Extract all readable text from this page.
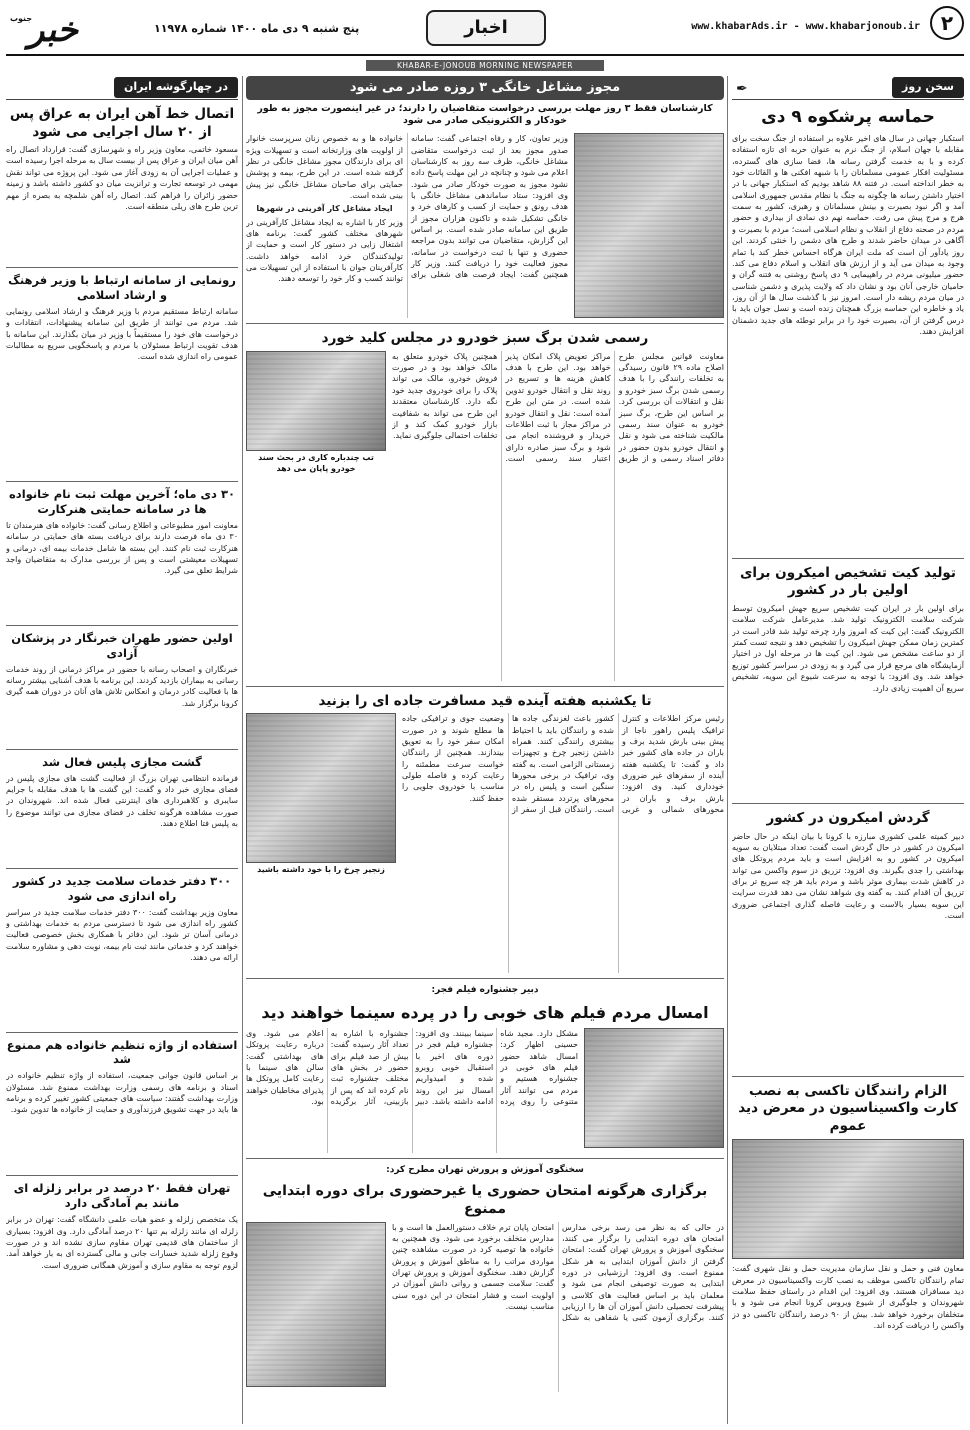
۲
www.khabarAds.ir - www.khabarjonoub.ir
اخبار
پنج شنبه ۹ دی ماه ۱۴۰۰ شماره ۱۱۹۷۸
خبر
جنوب
KHABAR-E-JONOUB MORNING NEWSPAPER
سخن روز
✒
حماسه پرشکوه ۹ دی
استکبار جهانی در سال های اخیر علاوه بر استفاده از جنگ سخت برای مقابله با جهان اسلام، از جنگ نرم به عنوان حربه ای تازه استفاده کرده و با به خدمت گرفتن رسانه ها، فضا سازی های گسترده، مسئولیت افکار عمومی مسلمانان را با شبهه افکنی ها و القائات خود به خطر انداخته است. در فتنه ۸۸ شاهد بودیم که استکبار جهانی با در اختیار داشتن رسانه ها چگونه به جنگ با نظام مقدس جمهوری اسلامی آمد و اگر نبود بصیرت و بینش مسلمانان و رهبری، کشور به سمت هرج و مرج پیش می رفت. حماسه نهم دی نمادی از بیداری و حضور مردم در صحنه دفاع از انقلاب و نظام اسلامی است؛ مردم با بصیرت و آگاهی در میدان حاضر شدند و طرح های دشمن را خنثی کردند. این روز یادآور آن است که ملت ایران هرگاه احساس خطر کند با تمام وجود به میدان می آید و از ارزش های انقلاب و اسلام دفاع می کند. حضور میلیونی مردم در راهپیمایی ۹ دی پاسخ روشنی به فتنه گران و حامیان خارجی آنان بود و نشان داد که ولایت پذیری و دشمن شناسی در میان مردم ریشه دار است. امروز نیز با گذشت سال ها از آن روز، یاد و خاطره این حماسه بزرگ همچنان زنده است و نسل جوان باید با درس گرفتن از آن، بصیرت خود را در برابر توطئه های جدید دشمنان افزایش دهند.
تولید کیت تشخیص امیکرون برای اولین بار در کشور
برای اولین بار در ایران کیت تشخیص سریع جهش امیکرون توسط شرکت سلامت الکترونیک تولید شد. مدیرعامل شرکت سلامت الکترونیک گفت: این کیت که امروز وارد چرخه تولید شد قادر است در کمترین زمان ممکن جهش امیکرون را تشخیص دهد و نتیجه تست کمتر از دو ساعت مشخص می شود. این کیت ها در مرحله اول در اختیار آزمایشگاه های مرجع قرار می گیرد و به زودی در سراسر کشور توزیع خواهد شد. وی افزود: با توجه به سرعت شیوع این سویه، تشخیص سریع آن اهمیت زیادی دارد.
گردش امیکرون در کشور
دبیر کمیته علمی کشوری مبارزه با کرونا با بیان اینکه در حال حاضر امیکرون در کشور در حال گردش است گفت: تعداد مبتلایان به سویه امیکرون در کشور رو به افزایش است و باید مردم پروتکل های بهداشتی را جدی بگیرند. وی افزود: تزریق دز سوم واکسن می تواند در کاهش شدت بیماری موثر باشد و مردم باید هر چه سریع تر برای تزریق آن اقدام کنند. به گفته وی شواهد نشان می دهد قدرت سرایت این سویه بسیار بالاست و رعایت فاصله گذاری اجتماعی ضروری است.
الزام رانندگان تاکسی به نصب کارت واکسیناسیون در معرض دید عموم
معاون فنی و حمل و نقل سازمان مدیریت حمل و نقل شهری گفت: تمام رانندگان تاکسی موظف به نصب کارت واکسیناسیون در معرض دید مسافران هستند. وی افزود: این اقدام در راستای حفظ سلامت شهروندان و جلوگیری از شیوع ویروس کرونا انجام می شود و با متخلفان برخورد خواهد شد. بیش از ۹۰ درصد رانندگان تاکسی دو دز واکسن را دریافت کرده اند.
مجوز مشاغل خانگی ۳ روزه صادر می شود
کارشناسان فقط ۳ روز مهلت بررسی درخواست متقاضیان را دارند؛ در غیر اینصورت مجوز به طور خودکار و الکترونیکی صادر می شود

وزیر تعاون، کار و رفاه اجتماعی گفت: سامانه صدور مجوز بعد از ثبت درخواست متقاضی مشاغل خانگی، ظرف سه روز به کارشناسان اعلام می شود و چنانچه در این مهلت پاسخ داده نشود مجوز به صورت خودکار صادر می شود. وی افزود: ستاد ساماندهی مشاغل خانگی با هدف رونق و حمایت از کسب و کارهای خرد و خانگی تشکیل شده و تاکنون هزاران مجوز از طریق این سامانه صادر شده است. بر اساس این گزارش، متقاضیان می توانند بدون مراجعه حضوری و تنها با ثبت درخواست در سامانه، مجوز فعالیت خود را دریافت کنند. وزیر کار همچنین گفت: ایجاد فرصت های شغلی برای خانواده ها و به خصوص زنان سرپرست خانوار از اولویت های وزارتخانه است و تسهیلات ویژه ای برای دارندگان مجوز مشاغل خانگی در نظر گرفته شده است. در این طرح، بیمه و پوشش حمایتی برای صاحبان مشاغل خانگی نیز پیش بینی شده است.

ایجاد مشاغل کار آفرینی در شهرها

وزیر کار با اشاره به ایجاد مشاغل کارآفرینی در شهرهای مختلف کشور گفت: برنامه های اشتغال زایی در دستور کار است و حمایت از تولیدکنندگان خرد ادامه خواهد داشت. کارآفرینان جوان با استفاده از این تسهیلات می توانند کسب و کار خود را توسعه دهند.

رسمی شدن برگ سبز خودرو در مجلس کلید خورد
معاونت قوانین مجلس طرح اصلاح ماده ۲۹ قانون رسیدگی به تخلفات رانندگی را با هدف رسمی شدن برگ سبز خودرو و نقل و انتقالات آن بررسی کرد. بر اساس این طرح، برگ سبز خودرو به عنوان سند رسمی مالکیت شناخته می شود و نقل و انتقال خودرو بدون حضور در دفاتر اسناد رسمی و از طریق مراکز تعویض پلاک امکان پذیر خواهد بود. این طرح با هدف کاهش هزینه ها و تسریع در روند نقل و انتقال خودرو تدوین شده است. در متن این طرح آمده است: نقل و انتقال خودرو در مراکز مجاز با ثبت اطلاعات خریدار و فروشنده انجام می شود و برگ سبز صادره دارای اعتبار سند رسمی است. همچنین پلاک خودرو متعلق به مالک خواهد بود و در صورت فروش خودرو، مالک می تواند پلاک را برای خودروی جدید خود نگه دارد. کارشناسان معتقدند این طرح می تواند به شفافیت بازار خودرو کمک کند و از تخلفات احتمالی جلوگیری نماید.
تب چندباره کاری در بحث سند خودرو پایان می دهد
تا یکشنبه هفته آینده قید مسافرت جاده ای را بزنید
رئیس مرکز اطلاعات و کنترل ترافیک پلیس راهور ناجا از پیش بینی بارش شدید برف و باران در جاده های کشور خبر داد و گفت: تا یکشنبه هفته آینده از سفرهای غیر ضروری خودداری کنید. وی افزود: بارش برف و باران در محورهای شمالی و غربی کشور باعث لغزندگی جاده ها شده و رانندگان باید با احتیاط بیشتری رانندگی کنند. همراه داشتن زنجیر چرخ و تجهیزات زمستانی الزامی است. به گفته وی، ترافیک در برخی محورها سنگین است و پلیس راه در محورهای پرتردد مستقر شده است. رانندگان قبل از سفر از وضعیت جوی و ترافیکی جاده ها مطلع شوند و در صورت امکان سفر خود را به تعویق بیندازند. همچنین از رانندگان خواست سرعت مطمئنه را رعایت کرده و فاصله طولی مناسب با خودروی جلویی را حفظ کنند.
زنجیر چرخ را با خود داشته باشید
دبیر جشنواره فیلم فجر:
امسال مردم فیلم های خوبی را در پرده سینما خواهند دید
مشکل دارد. مجید شاه حسینی اظهار کرد: امسال شاهد حضور فیلم های خوبی در جشنواره هستیم و مردم می توانند آثار متنوعی را روی پرده سینما ببینند. وی افزود: جشنواره فیلم فجر در دوره های اخیر با استقبال خوبی روبرو شده و امیدواریم امسال نیز این روند ادامه داشته باشد. دبیر جشنواره با اشاره به تعداد آثار رسیده گفت: بیش از صد فیلم برای حضور در بخش های مختلف جشنواره ثبت نام کرده اند که پس از بازبینی، آثار برگزیده اعلام می شود. وی درباره رعایت پروتکل های بهداشتی گفت: سالن های سینما با رعایت کامل پروتکل ها پذیرای مخاطبان خواهند بود.
سخنگوی آموزش و پرورش تهران مطرح کرد:
برگزاری هرگونه امتحان حضوری یا غیرحضوری برای دوره ابتدایی ممنوع
در حالی که به نظر می رسد برخی مدارس امتحان های دوره ابتدایی را برگزار می کنند، سخنگوی آموزش و پرورش تهران گفت: امتحان گرفتن از دانش آموزان ابتدایی به هر شکل ممنوع است. وی افزود: ارزشیابی در دوره ابتدایی به صورت توصیفی انجام می شود و معلمان باید بر اساس فعالیت های کلاسی و پیشرفت تحصیلی دانش آموزان آن ها را ارزیابی کنند. برگزاری آزمون کتبی یا شفاهی به شکل امتحان پایان ترم خلاف دستورالعمل ها است و با مدارس متخلف برخورد می شود. وی همچنین به خانواده ها توصیه کرد در صورت مشاهده چنین مواردی مراتب را به مناطق آموزش و پرورش گزارش دهند. سخنگوی آموزش و پرورش تهران گفت: سلامت جسمی و روانی دانش آموزان در اولویت است و فشار امتحان در این دوره سنی مناسب نیست.
در چهارگوشه ایران
اتصال خط آهن ایران به عراق پس از ۲۰ سال اجرایی می شود
مسعود خاتمی، معاون وزیر راه و شهرسازی گفت: قرارداد اتصال راه آهن میان ایران و عراق پس از بیست سال به مرحله اجرا رسیده است و عملیات اجرایی آن به زودی آغاز می شود. این پروژه می تواند نقش مهمی در توسعه تجارت و ترانزیت میان دو کشور داشته باشد و زمینه حضور زائران را فراهم کند. اتصال راه آهن شلمچه به بصره از مهم ترین طرح های ریلی منطقه است.
رونمایی از سامانه ارتباط با وزیر فرهنگ و ارشاد اسلامی
سامانه ارتباط مستقیم مردم با وزیر فرهنگ و ارشاد اسلامی رونمایی شد. مردم می توانند از طریق این سامانه پیشنهادات، انتقادات و درخواست های خود را مستقیماً با وزیر در میان بگذارند. این سامانه با هدف تقویت ارتباط مسئولان با مردم و پاسخگویی سریع به مطالبات عمومی راه اندازی شده است.
۳۰ دی ماه؛ آخرین مهلت ثبت نام خانواده ها در سامانه حمایتی هنرکارت
معاونت امور مطبوعاتی و اطلاع رسانی گفت: خانواده های هنرمندان تا ۳۰ دی ماه فرصت دارند برای دریافت بسته های حمایتی در سامانه هنرکارت ثبت نام کنند. این بسته ها شامل خدمات بیمه ای، درمانی و تسهیلات معیشتی است و پس از بررسی مدارک به متقاضیان واجد شرایط تعلق می گیرد.
اولین حضور طهران خبرنگار در پزشکان آزادی
خبرنگاران و اصحاب رسانه با حضور در مراکز درمانی از روند خدمات رسانی به بیماران بازدید کردند. این برنامه با هدف آشنایی بیشتر رسانه ها با فعالیت کادر درمان و انعکاس تلاش های آنان در دوران همه گیری کرونا برگزار شد.
گشت مجازی پلیس فعال شد
فرمانده انتظامی تهران بزرگ از فعالیت گشت های مجازی پلیس در فضای مجازی خبر داد و گفت: این گشت ها با هدف مقابله با جرایم سایبری و کلاهبرداری های اینترنتی فعال شده اند. شهروندان در صورت مشاهده هرگونه تخلف در فضای مجازی می توانند موضوع را به پلیس فتا اطلاع دهند.
۳۰۰ دفتر خدمات سلامت جدید در کشور راه اندازی می شود
معاون وزیر بهداشت گفت: ۳۰۰ دفتر خدمات سلامت جدید در سراسر کشور راه اندازی می شود تا دسترسی مردم به خدمات بهداشتی و درمانی آسان تر شود. این دفاتر با همکاری بخش خصوصی فعالیت خواهند کرد و خدماتی مانند ثبت نام بیمه، نوبت دهی و مشاوره سلامت ارائه می دهند.
استفاده از واژه تنظیم خانواده هم ممنوع شد
بر اساس قانون جوانی جمعیت، استفاده از واژه تنظیم خانواده در اسناد و برنامه های رسمی وزارت بهداشت ممنوع شد. مسئولان وزارت بهداشت گفتند: سیاست های جمعیتی کشور تغییر کرده و برنامه ها باید در جهت تشویق فرزندآوری و حمایت از خانواده ها تدوین شود.
تهران فقط ۲۰ درصد در برابر زلزله ای مانند بم آمادگی دارد
یک متخصص زلزله و عضو هیات علمی دانشگاه گفت: تهران در برابر زلزله ای مانند زلزله بم تنها ۲۰ درصد آمادگی دارد. وی افزود: بسیاری از ساختمان های قدیمی تهران مقاوم سازی نشده اند و در صورت وقوع زلزله شدید خسارات جانی و مالی گسترده ای به بار خواهد آمد. لزوم توجه به مقاوم سازی و آموزش همگانی ضروری است.
